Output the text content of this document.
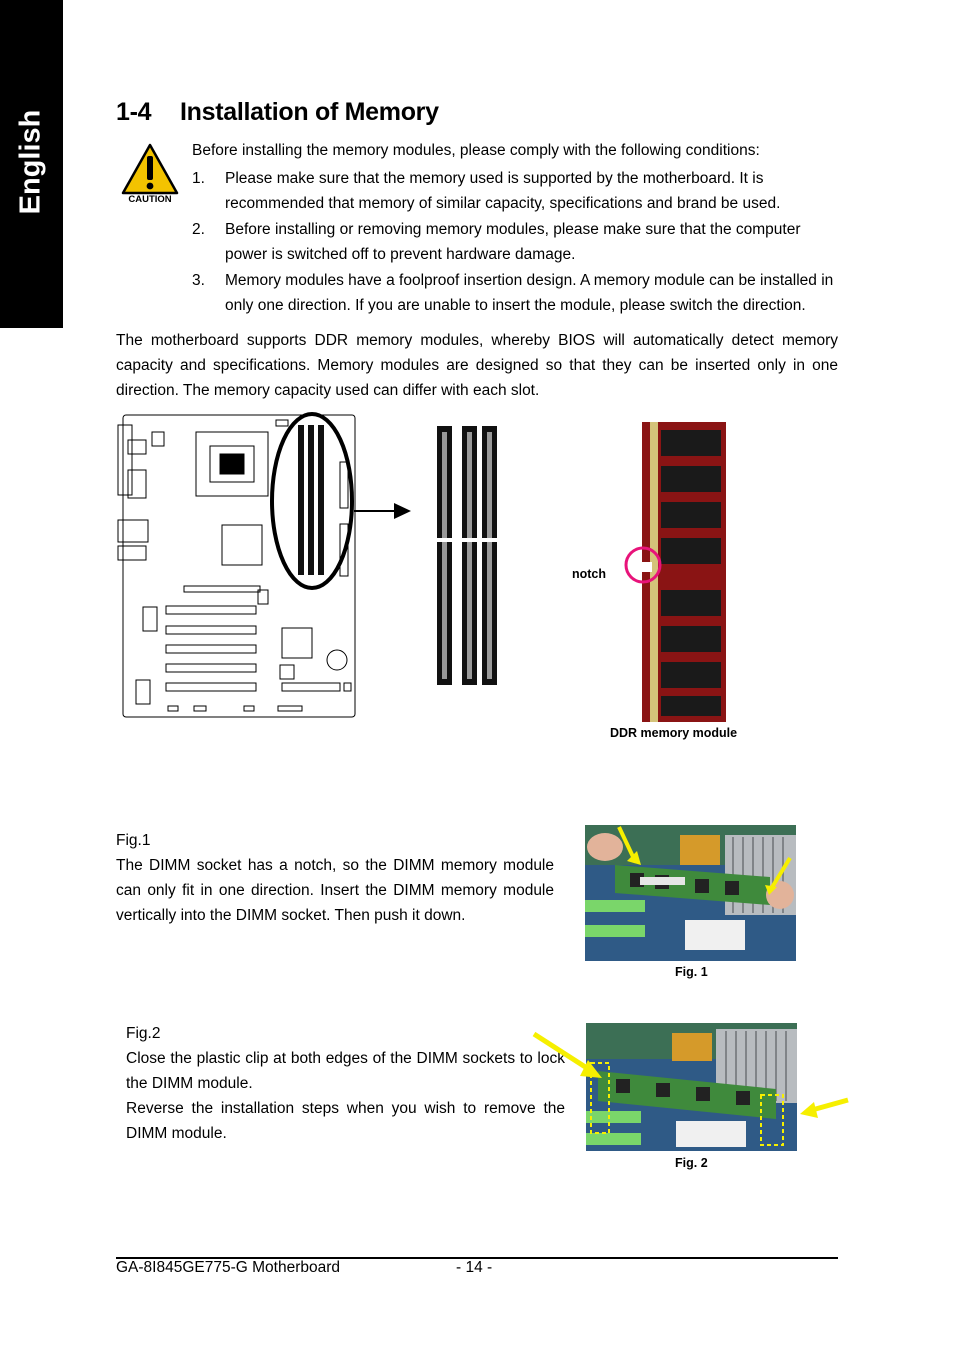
English	1-4 Installation of Memory
CAUTION
Before installing the memory modules, please comply with the following conditions:
1.	Please make sure that the memory used is supported by the motherboard. It is recommended that memory of similar capacity, specifications and brand be used.
2.	Before installing or removing memory modules, please make sure that the computer power is switched off to prevent hardware damage.
3.	Memory modules have a foolproof insertion design. A memory module can be installed in only one direction. If you are unable to insert the module, please switch the direction.

The motherboard supports DDR memory modules, whereby BIOS will automatically detect memory capacity and specifications. Memory modules are designed so that they can be inserted only in one direction. The memory capacity used can differ with each slot.

notch
DDR memory module
Fig.1
The DIMM socket has a notch, so the DIMM memory module can only fit in one direction. Insert the DIMM memory module vertically into the DIMM socket. Then push it down.
Fig. 1
Fig.2
Close the plastic clip at both edges of the DIMM sockets to lock the DIMM module.
Reverse the installation steps when you wish to remove the DIMM module.
Fig. 2
GA-8I845GE775-G Motherboard	- 14 -
